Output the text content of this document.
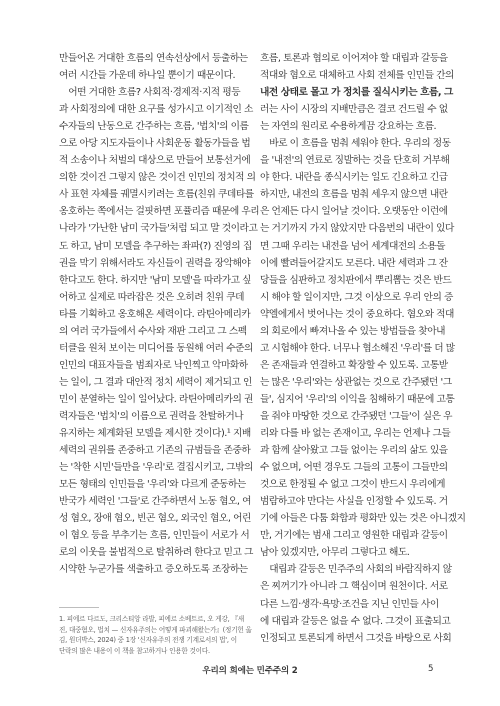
만들어온 거대한 흐름의 연속선상에서 등출하는
여러 시간들 가운데 하나일 뿐이기 때문이다.
　어떤 거대한 흐름? 사회적·경제적·지적 평등
과 사회정의에 대한 요구를 성가시고 이기적인 소
수자들의 난동으로 간주하는 흐름, '법치'의 이름
으로 아당 지도자들이나 사회운동 활동가들을 법
적 소송이나 처벌의 대상으로 만들어 보통선거에
의한 것이건 그렇지 않은 것이건 인민의 정치적 의
사 표현 자체를 궤멸시키려는 흐름(친위 쿠데타를
옹호하는 쪽에서는 걸핏하면 포퓰리즘 때문에 우리
나라가 '가난한 남미 국가들'처럼 되고 말 것이라고
도 하고, 남미 모델을 추구하는 좌파(?) 진영의 집
권을 막기 위해서라도 자신들이 권력을 장악해야
한다고도 한다. 하지만 '남미 모델'을 따라가고 싶
어하고 실제로 따라잡은 것은 오히려 친위 쿠데
타를 기획하고 옹호해온 세력이다. 라틴아메리카
의 여러 국가들에서 수사와 재판 그리고 그 스펙
터클을 원처 보이는 미디어를 동원해 여러 수준의
인민의 대표자들을 범죄자로 낙인찍고 악마화하
는 일이, 그 결과 대안적 정치 세력이 제거되고 인
민이 분열하는 일이 일어났다. 라틴아메리카의 권
력자들은 '법치'의 이름으로 권력을 찬탈하거나
유지하는 체계화된 모델을 제시한 것이다).¹ 지배
세력의 권위를 존중하고 기존의 규범들을 존중하
는 '착한 시민'들만을 '우리'로 결집시키고, 그밖의
모든 형태의 인민들을 '우리'와 다르게 준동하는
반국가 세력인 '그들'로 간주하면서 노동 혐오, 여
성 혐오, 장애 혐오, 빈곤 혐오, 외국인 혐오, 어린
이 혐오 등을 부추기는 흐름, 인민들이 서로가 서
로의 이웃을 불법적으로 탈취하려 한다고 믿고 그
시약한 누군가를 색출하고 증오하도록 조장하는
흐름, 토론과 협의로 이어져야 할 대립과 갈등을
적대와 혐오로 대체하고 사회 전체를 인민들 간의
내전 상태로 몰고 가 정치를 질식시키는 흐름, 그
러는 사이 시장의 지배만큼은 결코 건드릴 수 없
는 자연의 원리로 수용하게끔 강요하는 흐름.
　바로 이 흐름을 멈춰 세워야 한다. 우리의 정동
을 '내전'의 연료로 징발하는 것을 단호히 거부해
야 한다. 내란을 종식시키는 일도 긴요하고 긴급
하지만, 내전의 흐름을 멈춰 세우지 않으면 내란
은 언제든 다시 일어날 것이다. 오랫동안 이런에
는 거기까지 가지 않았지만 다음번의 내란이 있다
면 그때 우리는 내전을 넘어 세계대전의 소용돌
이에 빨려들어갈지도 모른다. 내란 세력과 그 잔
당들을 심판하고 정치판에서 뿌리뽑는 것은 반드
시 해야 할 일이지만, 그것 이상으로 우리 안의 증
약엘에게서 벗어나는 것이 중요하다. 혐오와 적대
의 회로에서 빠져나올 수 있는 방법들을 찾아내
고 시험해야 한다. 너무나 협소해진 '우리'를 더 많
은 존재들과 연결하고 확장할 수 있도록. 고통받
는 많은 '우리'와는 상관없는 것으로 간주됐던 '그
들', 심지어 '우리'의 이익을 침해하기 때문에 고통
을 줘야 마땅한 것으로 간주됐던 '그들'이 실은 우
리와 다를 바 없는 존재이고, 우리는 언제나 그들
과 함께 살아왔고 그들 없이는 우리의 삶도 있을
수 없으며, 어떤 경우도 그들의 고통이 그들만의
것으로 한정될 수 없고 그것이 반드시 우리에게
범람하고야 만다는 사실을 인정할 수 있도록. 거
기에 아들은 다툼 화합과 평화만 있는 것은 아니겠지
만, 거기에는 범새 그리고 영원한 대립과 갈등이
남아 있겠지만, 아무리 그렇다고 해도.
　대립과 갈등은 민주주의 사회의 바람직하지 않
은 찌꺼기가 아니라 그 핵심이며 원천이다. 서로
다른 느낌·생각·욕망·조건을 지닌 인민들 사이
에 대립과 갈등은 없을 수 없다. 그것이 표출되고
인정되고 토론되게 하면서 그것을 바탕으로 사회
1. 피에르 다르도, 크리스티앙 라발, 피에르 소베트르, 오 게강, 『새
진, 대중혐오, 법치 — 신자유주의는 어떻게 파괴해왔는가』(정기헌 옮
김, 원더박스, 2024) 중 1장 '신자유주의 전쟁 기계로서의 법', 이
단락의 많은 내용이 이 책을 참고하거나 인용한 것이다.
우리의 희에는 민주주의 2	5
